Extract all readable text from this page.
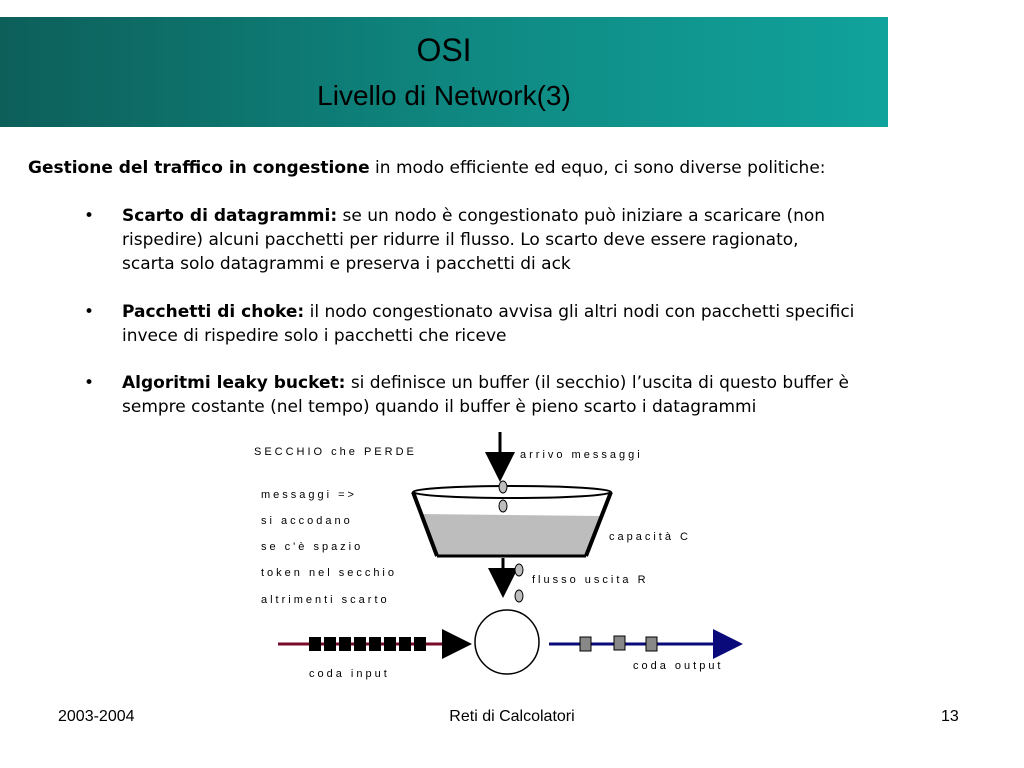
OSI
Livello di Network(3)
Gestione del traffico in congestione in modo efficiente ed equo, ci sono diverse politiche:
• Scarto di datagrammi: se un nodo è congestionato può iniziare a scaricare (non
rispedire) alcuni pacchetti per ridurre il flusso. Lo scarto deve essere ragionato,
scarta solo datagrammi e preserva i pacchetti di ack
• Pacchetti di choke: il nodo congestionato avvisa gli altri nodi con pacchetti specifici
invece di rispedire solo i pacchetti che riceve
• Algoritmi leaky bucket: si definisce un buffer (il secchio) l’uscita di questo buffer è
sempre costante (nel tempo) quando il buffer è pieno scarto i datagrammi
SECCHIO che PERDE	arrivo messaggi
messaggi =>
si accodano
se c'è spazio
token nel secchio
altrimenti scarto
capacità C
flusso uscita R
coda input
coda output
2003-2004	Reti di Calcolatori	13
